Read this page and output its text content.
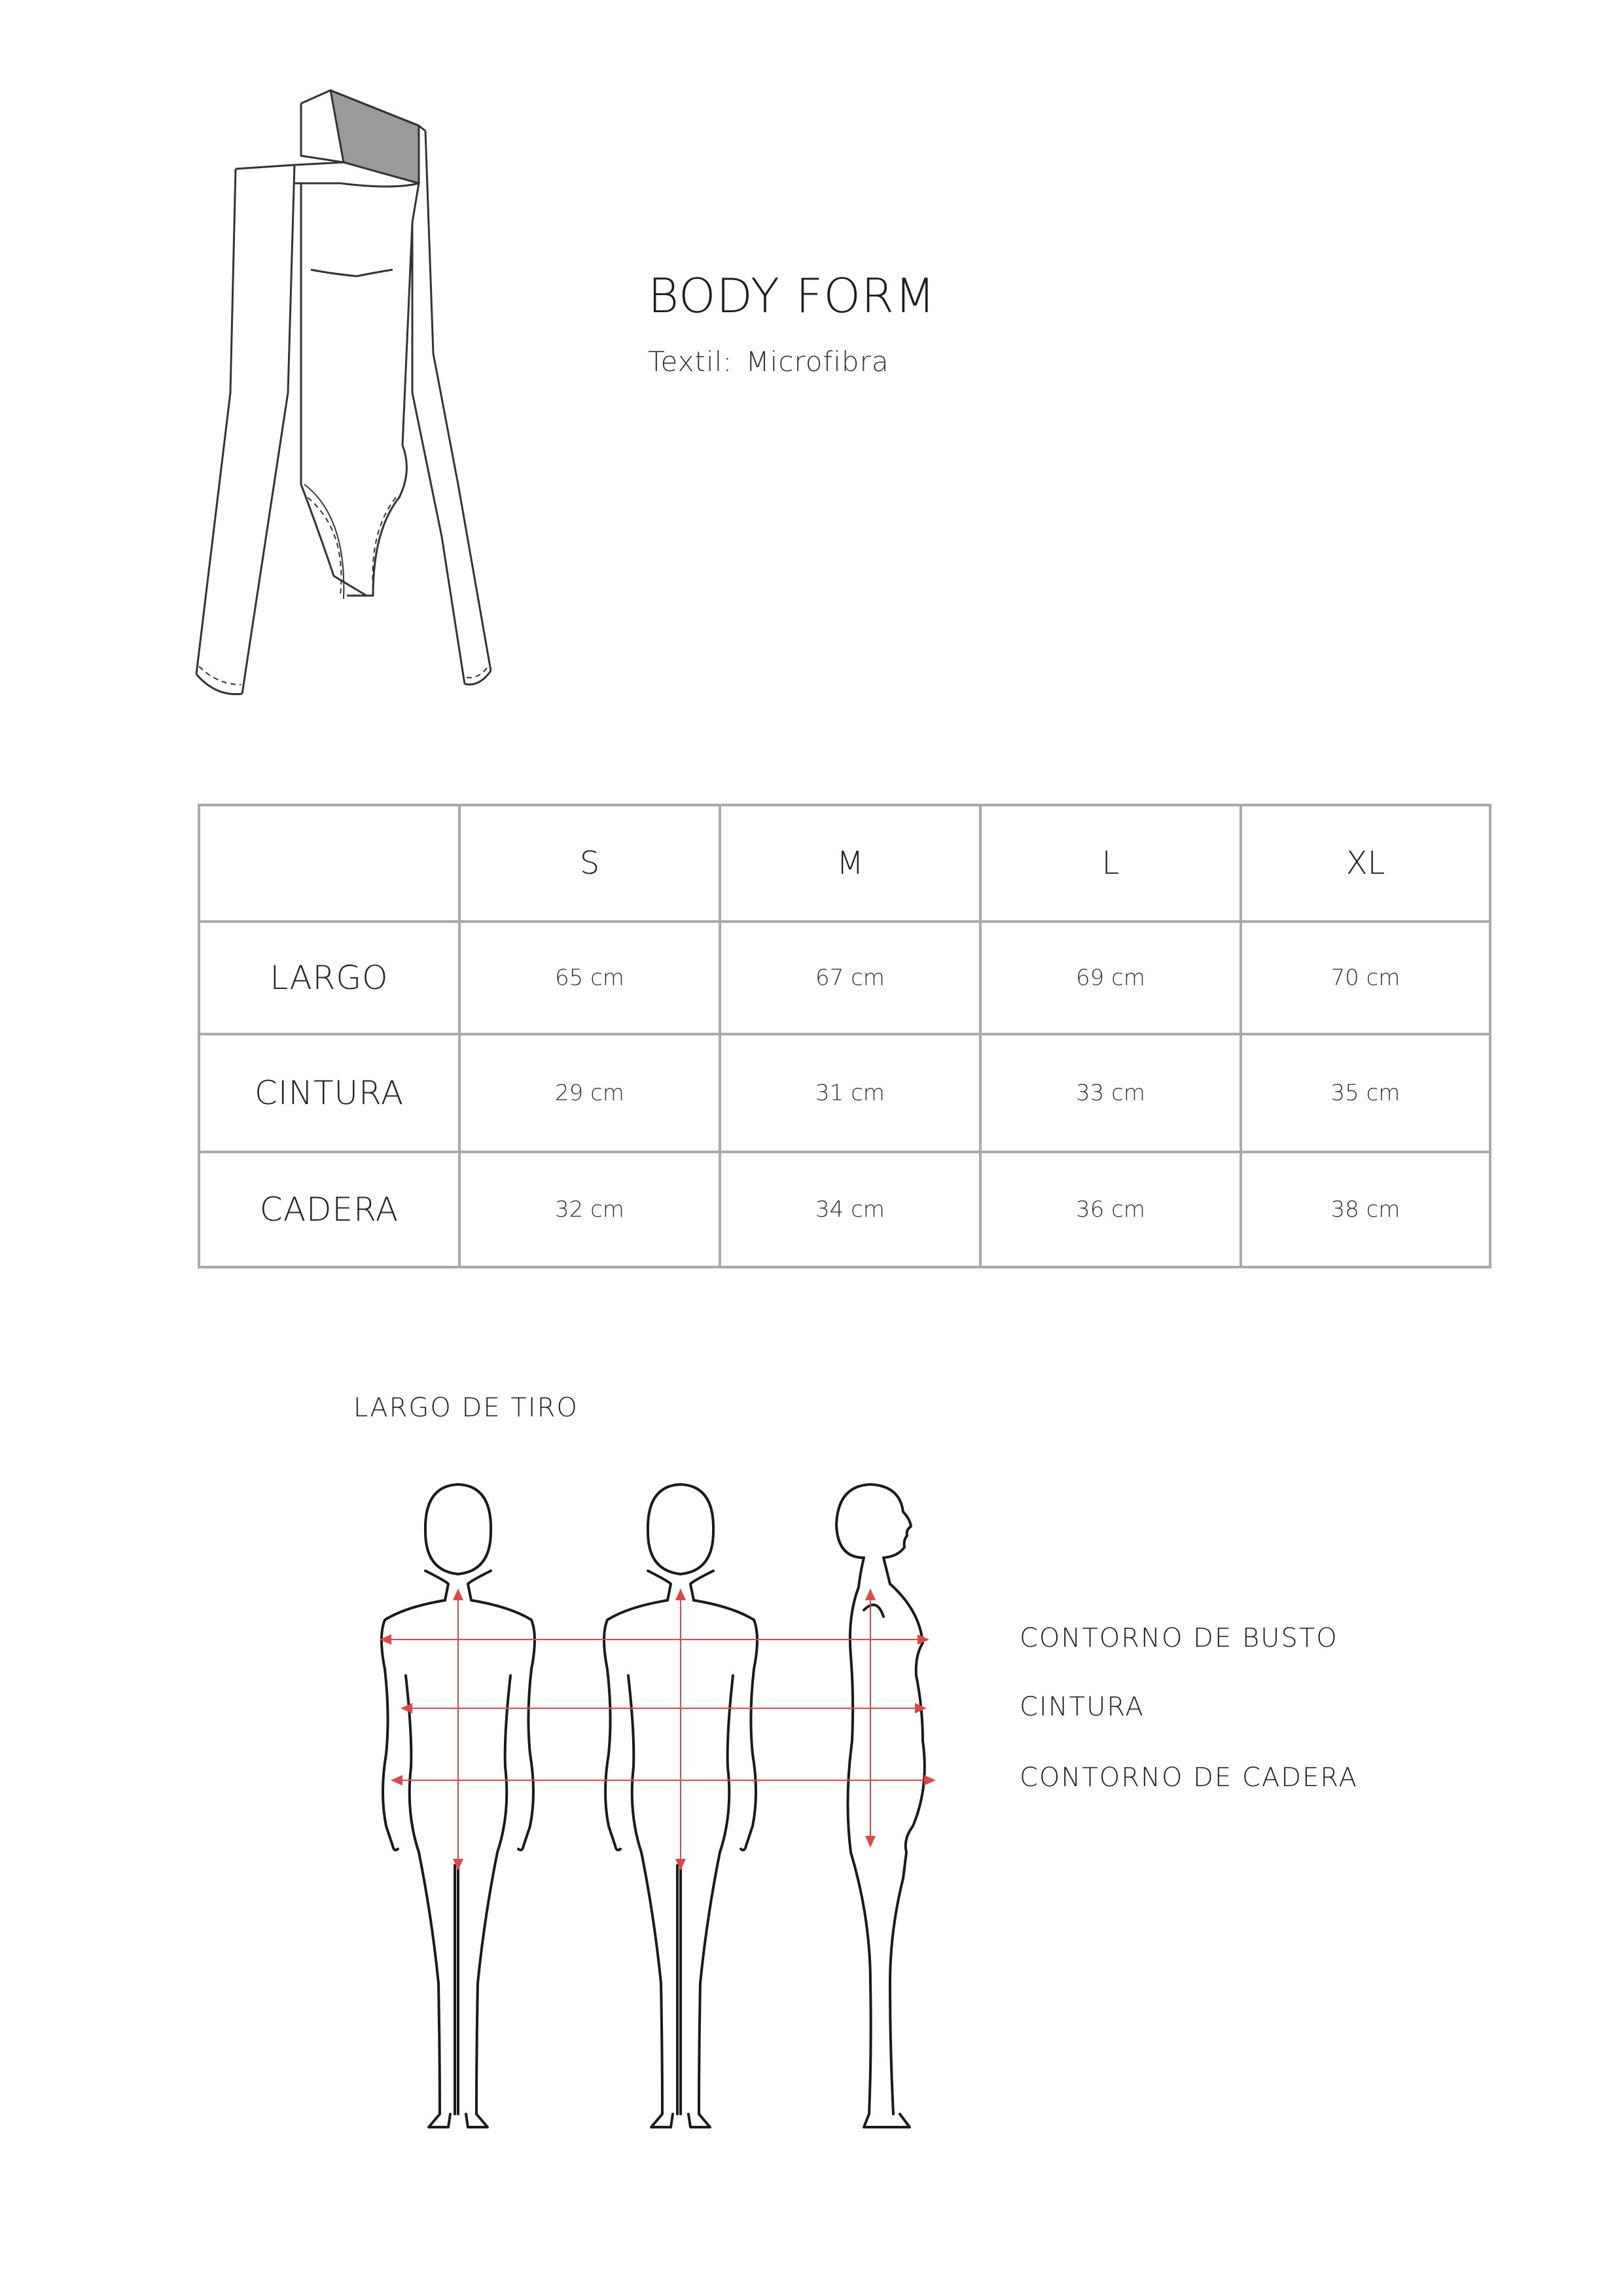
BODY FORM
Textil: Microfibra
	S	M	L	XL
LARGO	65 cm	67 cm	69 cm	70 cm
CINTURA	29 cm	31 cm	33 cm	35 cm
CADERA	32 cm	34 cm	36 cm	38 cm
LARGO DE TIRO
CONTORNO DE BUSTO
CINTURA
CONTORNO DE CADERA
